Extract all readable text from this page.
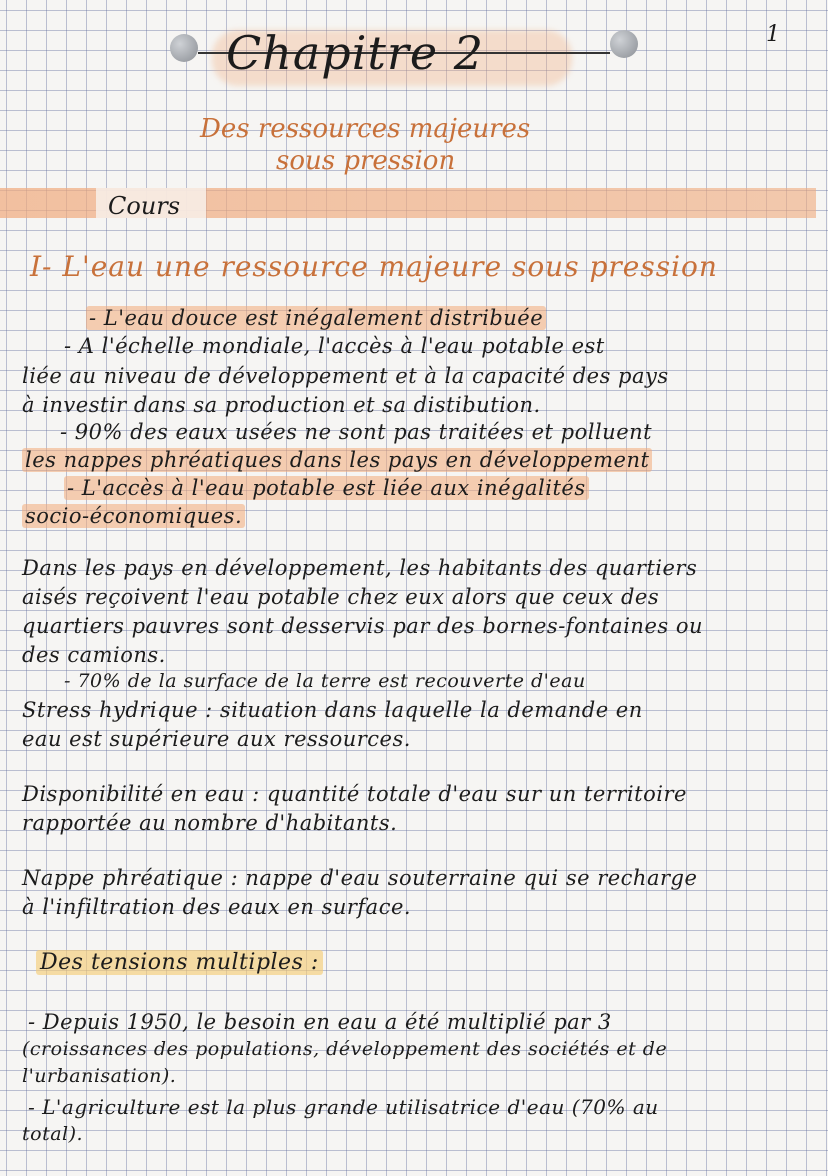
1
Chapitre 2
Des ressources majeures
sous pression
Cours
I- L'eau une ressource majeure sous pression
- L'eau douce est inégalement distribuée
- A l'échelle mondiale, l'accès à l'eau potable est
liée au niveau de développement et à la capacité des pays
à investir dans sa production et sa distibution.
- 90% des eaux usées ne sont pas traitées et polluent
les nappes phréatiques dans les pays en développement
- L'accès à l'eau potable est liée aux inégalités
socio-économiques.
Dans les pays en développement, les habitants des quartiers
aisés reçoivent l'eau potable chez eux alors que ceux des
quartiers pauvres sont desservis par des bornes-fontaines ou
des camions.
- 70% de la surface de la terre est recouverte d'eau
Stress hydrique : situation dans laquelle la demande en
eau est supérieure aux ressources.
Disponibilité en eau : quantité totale d'eau sur un territoire
rapportée au nombre d'habitants.
Nappe phréatique : nappe d'eau souterraine qui se recharge
à l'infiltration des eaux en surface.
Des tensions multiples :
- Depuis 1950, le besoin en eau a été multiplié par 3
(croissances des populations, développement des sociétés et de
l'urbanisation).
- L'agriculture est la plus grande utilisatrice d'eau (70% au
total).
